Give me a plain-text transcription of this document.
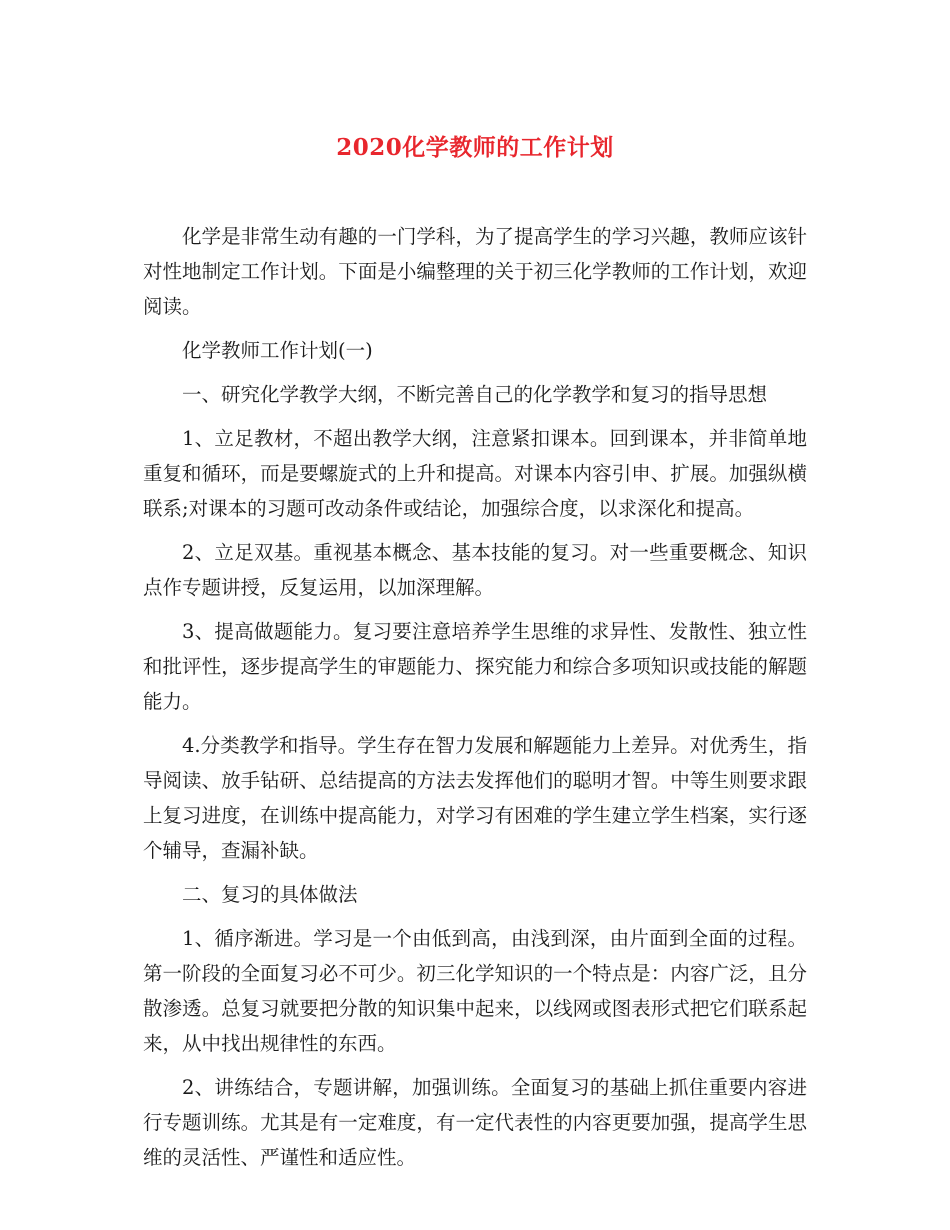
2020化学教师的工作计划

化学是非常生动有趣的一门学科，为了提高学生的学习兴趣，教师应该针对性地制定工作计划。下面是小编整理的关于初三化学教师的工作计划，欢迎阅读。

化学教师工作计划(一)

一、研究化学教学大纲，不断完善自己的化学教学和复习的指导思想

1、立足教材，不超出教学大纲，注意紧扣课本。回到课本，并非简单地重复和循环，而是要螺旋式的上升和提高。对课本内容引申、扩展。加强纵横联系;对课本的习题可改动条件或结论，加强综合度，以求深化和提高。

2、立足双基。重视基本概念、基本技能的复习。对一些重要概念、知识点作专题讲授，反复运用，以加深理解。

3、提高做题能力。复习要注意培养学生思维的求异性、发散性、独立性和批评性，逐步提高学生的审题能力、探究能力和综合多项知识或技能的解题能力。

4.分类教学和指导。学生存在智力发展和解题能力上差异。对优秀生，指导阅读、放手钻研、总结提高的方法去发挥他们的聪明才智。中等生则要求跟上复习进度，在训练中提高能力，对学习有困难的学生建立学生档案，实行逐个辅导，查漏补缺。

二、复习的具体做法

1、循序渐进。学习是一个由低到高，由浅到深，由片面到全面的过程。第一阶段的全面复习必不可少。初三化学知识的一个特点是：内容广泛，且分散渗透。总复习就要把分散的知识集中起来，以线网或图表形式把它们联系起来，从中找出规律性的东西。

2、讲练结合，专题讲解，加强训练。全面复习的基础上抓住重要内容进行专题训练。尤其是有一定难度，有一定代表性的内容更要加强，提高学生思维的灵活性、严谨性和适应性。
